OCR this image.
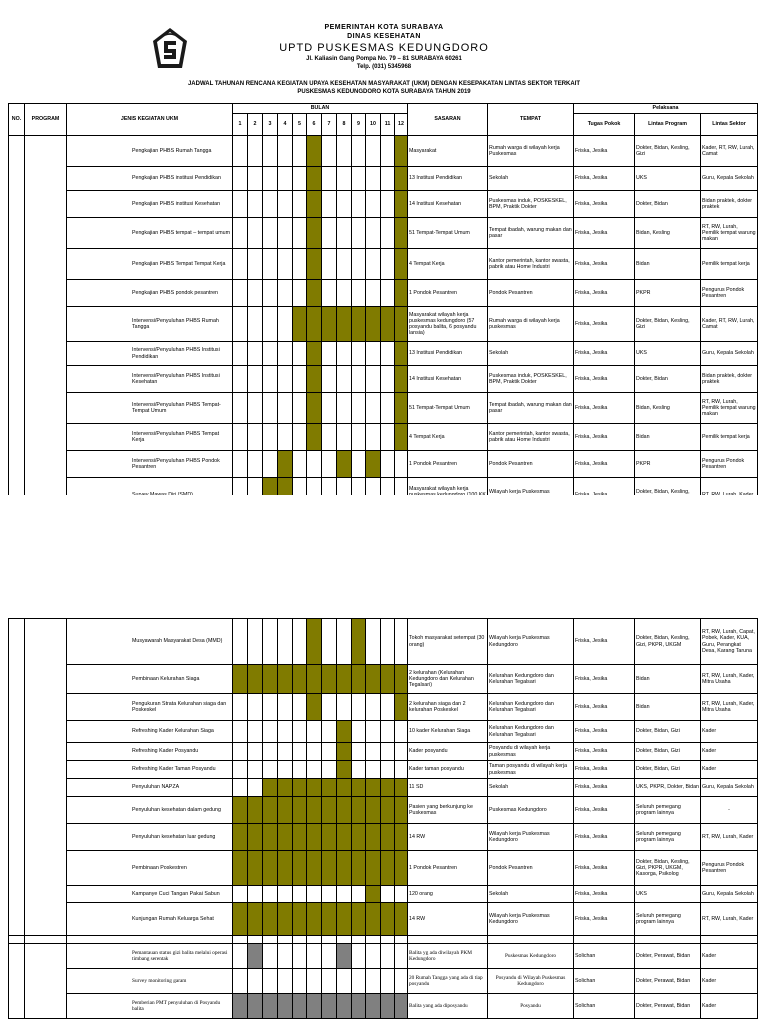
PEMERINTAH KOTA SURABAYA
DINAS KESEHATAN
UPTD PUSKESMAS KEDUNGDORO
Jl. Kaliasin Gang Pompa No. 79 – 81 SURABAYA 60261
Telp. (031) 5345968
JADWAL TAHUNAN RENCANA KEGIATAN UPAYA KESEHATAN MASYARAKAT (UKM) DENGAN KESEPAKATAN LINTAS SEKTOR TERKAIT
PUSKESMAS KEDUNGDORO KOTA SURABAYA TAHUN 2019
NO.	PROGRAM	JENIS KEGIATAN UKM	BULAN												SASARAN	TEMPAT	Pelaksana		
			1	2	3	4	5	6	7	8	9	10	11	12			Tugas Pokok	Lintas Program	Lintas Sektor
		Pengkajian PHBS Rumah Tangga													Masyarakat	Rumah warga di wilayah kerja Puskesmas	Friska, Jesika	Dokter, Bidan, Kesling, Gizi	Kader, RT, RW, Lurah, Camat
		Pengkajian PHBS institusi Pendidikan													13 Institusi Pendidikan	Sekolah	Friska, Jesika	UKS	Guru, Kepala Sekolah
		Pengkajian PHBS institusi Kesehatan													14 Institusi Kesehatan	Puskesmas induk, POSKESKEL, BPM, Praktik Dokter	Friska, Jesika	Dokter, Bidan	Bidan praktek, dokter praktek
		Pengkajian PHBS tempat – tempat umum													51 Tempat-Tempat Umum	Tempat ibadah, warung makan dan pasar	Friska, Jesika	Bidan, Kesling	RT, RW, Lurah, Pemilik tempat warung makan
		Pengkajian PHBS Tempat Tempat Kerja													4 Tempat Kerja	Kantor pemerintah, kantor swasta, pabrik atau Home Industri	Friska, Jesika	Bidan	Pemilik tempat kerja
		Pengkajian PHBS pondok pesantren													1 Pondok Pesantren	Pondok Pesantren	Friska, Jesika	PKPR	Pengurus Pondok Pesantren
		Intervensi/Penyuluhan PHBS Rumah Tangga													Masyarakat wilayah kerja puskesmas kedungdoro (57 posyandu balita, 6 posyandu lansia)	Rumah warga di wilayah kerja puskesmas	Friska, Jesika	Dokter, Bidan, Kesling, Gizi	Kader, RT, RW, Lurah, Camat
		Intervensi/Penyuluhan PHBS Institusi Pendidikan													13 Institusi Pendidikan	Sekolah	Friska, Jesika	UKS	Guru, Kepala Sekolah
		Intervensi/Penyuluhan PHBS Institusi Kesehatan													14 Institusi Kesehatan	Puskesmas induk, POSKESKEL, BPM, Praktik Dokter	Friska, Jesika	Dokter, Bidan	Bidan praktek, dokter praktek
		Intervensi/Penyuluhan PHBS Tempat-Tempat Umum													51 Tempat-Tempat Umum	Tempat ibadah, warung makan dan pasar	Friska, Jesika	Bidan, Kesling	RT, RW, Lurah, Pemilik tempat warung makan
		Intervensi/Penyuluhan PHBS Tempat Kerja													4 Tempat Kerja	Kantor pemerintah, kantor swasta, pabrik atau Home Industri	Friska, Jesika	Bidan	Pemilik tempat kerja
		Intervensi/Penyuluhan PHBS Pondok Pesantren													1 Pondok Pesantren	Pondok Pesantren	Friska, Jesika	PKPR	Pengurus Pondok Pesantren
													Masyarakat wilayah kerja	Wilayah kerja Puskesmas		Dokter, Bidan, Kesling,	
		Musyawarah Masyarakat Desa (MMD)													Tokoh masyarakat setempat (30 orang)	Wilayah kerja Puskesmas Kedungdoro	Friska, Jesika	Dokter, Bidan, Kesling, Gizi, PKPR, UKGM	RT, RW, Lurah, Capat, Pobek, Kader, KUA, Guru, Perangkat Desa, Karang Taruna
		Pembinaan Kelurahan Siaga													2 kelurahan (Kelurahan Kedungdoro dan Kelurahan Tegalsari)	Kelurahan Kedungdoro dan Kelurahan Tegalsari	Friska, Jesika	Bidan	RT, RW, Lurah, Kader, Mitra Usaha
		Pengukuran Strata Kelurahan siaga dan Poskeskel													2 kelurahan siaga dan 2 kelurahan Poskeskel	Kelurahan Kedungdoro dan Kelurahan Tegalsari	Friska, Jesika	Bidan	RT, RW, Lurah, Kader, Mitra Usaha
		Refreshing Kader Kelurahan Siaga													10 kader Kelurahan Siaga	Kelurahan Kedungdoro dan Kelurahan Tegalsari	Friska, Jesika	Dokter, Bidan, Gizi	Kader
		Refreshing Kader Posyandu													Kader posyandu	Posyandu di wilayah kerja puskesmas	Friska, Jesika	Dokter, Bidan, Gizi	Kader
		Refreshing Kader Taman Posyandu													Kader taman posyandu	Taman posyandu di wilayah kerja puskesmas	Friska, Jesika	Dokter, Bidan, Gizi	Kader
		Penyuluhan NAPZA													11 SD	Sekolah	Friska, Jesika	UKS, PKPR, Dokter, Bidan	Guru, Kepala Sekolah
		Penyuluhan kesehatan dalam gedung													Pasien yang berkunjung ke Puskesmas	Puskesmas Kedungdoro	Friska, Jesika	Seluruh pemegang program lainnya	-
		Penyuluhan kesehatan luar gedung													14 RW	Wilayah kerja Puskesmas Kedungdoro	Friska, Jesika	Seluruh pemegang program lainnya	RT, RW, Lurah, Kader
		Pembinaan Poskestren													1 Pondok Pesantren	Pondok Pesantren	Friska, Jesika	Dokter, Bidan, Kesling, Gizi, PKPR, UKGM, Kasorga, Psikolog	Pengurus Pondok Pesantren
		Kampanye Cuci Tangan Pakai Sabun													120 orang	Sekolah	Friska, Jesika	UKS	Guru, Kepala Sekolah
		Kunjungan Rumah Keluarga Sehat													14 RW	Wilayah kerja Puskesmas Kedungdoro	Friska, Jesika	Seluruh pemegang program lainnya	RT, RW, Lurah, Kader

		Pemantauan status gizi balita melalui operasi timbang serentak													Balita yg ada diwilayah PKM Kedungdoro	Puskesmas Kedungdoro	Solichan	Dokter, Perawat, Bidan	Kader
		Survey monitoring garam													20 Rumah Tangga yang ada di tiap posyandu	Posyandu di Wilayah Puskesmas Kedungdoro	Solichan	Dokter, Perawat, Bidan	Kader
		Pemberian PMT penyuluhan di Posyandu balita													Balita yang ada diposyandu	Posyandu	Solichan	Dokter, Perawat, Bidan	Kader
